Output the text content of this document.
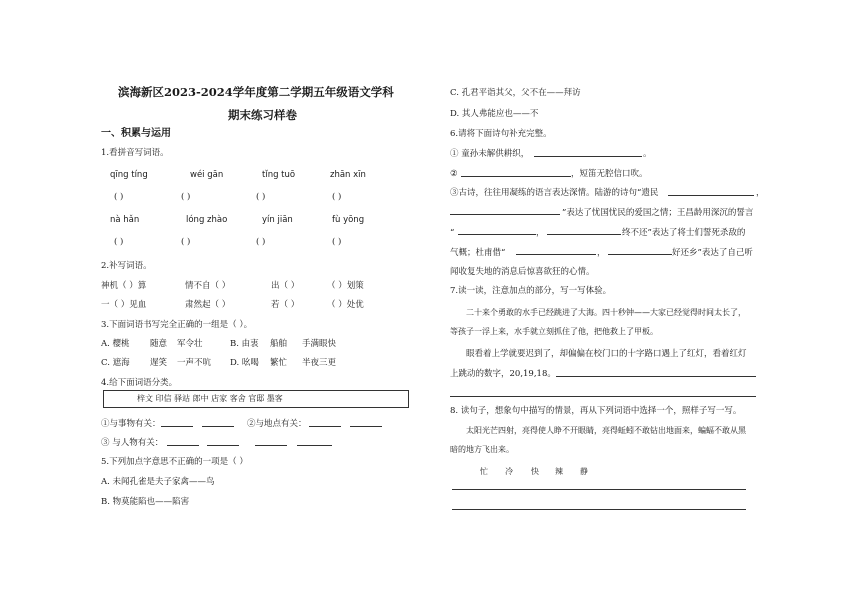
滨海新区2023-2024学年度第二学期五年级语文学科
期末练习样卷
一、积累与运用
1.看拼音写词语。
qīng tíng	wéi gān	tǐng tuō	zhān xīn
( )	( )	( )	( )
nà hǎn	lóng zhào	yín jiān	fù yōng
( )	( )	( )	( )
2.补写词语。
神机（ ）算	情不自（ ）	出（ ）	（ ）划策
一（ ）见血	肃然起（ ）	若（ ）	（ ）处优
3.下面词语书写完全正确的一组是（ ）。
A. 樱桃 随意 军令壮	B. 由衷 船舶 手满眼快
C. 遮海 遅笑 一声不吭 D. 吆喝 繁忙 半夜三更
4.给下面词语分类。
梓文 印信 驿站 郎中 店家 客舍 官邸 墨客
①与事物有关：	②与地点有关：
③ 与人物有关：
5.下列加点字意思不正确的一项是（ ）
A. 未闻孔雀是夫子家禽——鸟
B. 物莫能陷也——陷害
C. 孔君平诣其父，父不在——拜访
D. 其人弗能应也——不
6.请将下面诗句补充完整。
① 童孙未解供耕织，	。
②	，短笛无腔信口吹。
③古诗，往往用凝练的语言表达深情。陆游的诗句“遗民	，
”表达了忧国忧民的爱国之情；王昌龄用深沉的誓言
“	，	终不还”表达了将士们誓死杀敌的
气概；杜甫借“	，	好还乡”表达了自己听
闻收复失地的消息后惊喜欲狂的心情。
7.读一读，注意加点的部分，写一写体验。
二十来个勇敢的水手已经跳进了大海。四十秒钟——大家已经觉得时间太长了，
等孩子一浮上来，水手就立刻抓住了他，把他救上了甲板。
眼看着上学就要迟到了，却偏偏在校门口的十字路口遇上了红灯，看着红灯
上跳动的数字，20,19,18。
8. 读句子，想象句中描写的情景，再从下列词语中选择一个，照样子写一写。
太阳光芒四射，亮得使人睁不开眼睛，亮得蚯蚓不敢钻出地面来，蝙蝠不敢从黑
暗的地方飞出来。
忙 冷 快 辣 静
